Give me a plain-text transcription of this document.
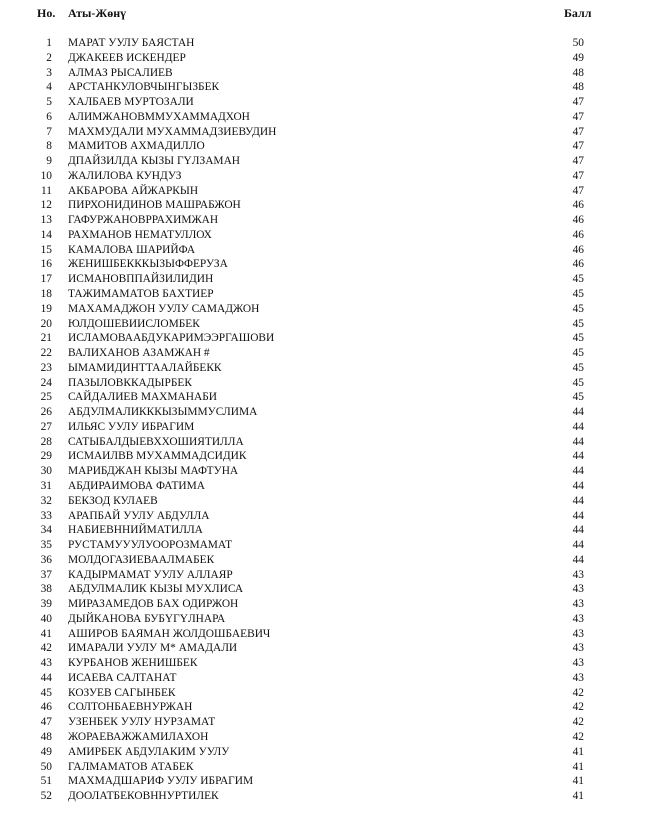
Но. Аты-Жөнү	Балл
1 МАРАТ УУЛУ БАЯСТАН	50
2 ДЖАКЕЕВ ИСКЕНДЕР	49
3 АЛМАЗ РЫСАЛИЕВ	48
4 АРСТАНКУЛОВЧЫНГЫЗБЕК	48
5 ХАЛБАЕВ МУРТОЗАЛИ	47
6 АЛИМЖАНОВММУХАММАДХОН	47
7 МАХМУДАЛИ МУХАММАДЗИЕВУДИН	47
8 МАМИТОВ АХМАДИЛЛО	47
9 ДПАЙЗИЛДА КЫЗЫ ГҮЛЗАМАН	47
10 ЖАЛИЛОВА КУНДУЗ	47
11 АКБАРОВА АЙЖАРКЫН	47
12 ПИРХОНИДИНОВ МАШРАБЖОН	46
13 ГАФУРЖАНОВРРАХИМЖАН	46
14 РАХМАНОВ НЕМАТУЛЛОХ	46
15 КАМАЛОВА ШАРИЙФА	46
16 ЖЕНИШБЕКККЫЗЫФФЕРУЗА	46
17 ИСМАНОВППАЙЗИЛИДИН	45
18 ТАЖИМАМАТОВ БАХТИЕР	45
19 МАХАМАДЖОН УУЛУ САМАДЖОН	45
20 ЮЛДОШЕВИИСЛОМБЕК	45
21 ИСЛАМОВААБДУКАРИМЭЭРГАШОВИ	45
22 ВАЛИХАНОВ АЗАМЖАН #	45
23 ЫМАМИДИНТТААЛАЙБЕКК	45
24 ПАЗЫЛОВККАДЫРБЕК	45
25 САЙДАЛИЕВ МАХМАНАБИ	45
26 АБДУЛМАЛИКККЫЗЫММУСЛИМА	44
27 ИЛЬЯС УУЛУ ИБРАГИМ	44
28 САТЫБАЛДЫЕВХХОШИЯТИЛЛА	44
29 ИСМАИЛВВ МУХАММАДСИДИК	44
30 МАРИБДЖАН КЫЗЫ МАФТУНА	44
31 АБДИРАИМОВА ФАТИМА	44
32 БЕКЗОД КУЛАЕВ	44
33 АРАПБАЙ УУЛУ АБДУЛЛА	44
34 НАБИЕВННИЙМАТИЛЛА	44
35 РУСТАМУУУЛУООРОЗМАМАТ	44
36 МОЛДОГАЗИЕВААЛМАБЕК	44
37 КАДЫРМАМАТ УУЛУ АЛЛАЯР	43
38 АБДУЛМАЛИК КЫЗЫ МУХЛИСА	43
39 МИРАЗАМЕДОВ БАХ ОДИРЖОН	43
40 ДЫЙКАНОВА БУБҮГҮЛНАРА	43
41 АШИРОВ БАЯМАН ЖОЛДОШБАЕВИЧ	43
42 ИМАРАЛИ УУЛУ М* АМАДАЛИ	43
43 КУРБАНОВ ЖЕНИШБЕК	43
44 ИСАЕВА САЛТАНАТ	43
45 КОЗУЕВ САГЫНБЕК	42
46 СОЛТОНБАЕВНУРЖАН	42
47 УЗЕНБЕК УУЛУ НУРЗАМАТ	42
48 ЖОРАЕВАЖЖАМИЛАХОН	42
49 АМИРБЕК АБДУЛАКИМ УУЛУ	41
50 ГАЛМАМАТОВ АТАБЕК	41
51 МАХМАДШАРИФ УУЛУ ИБРАГИМ	41
52 ДООЛАТБЕКОВННУРТИЛЕК	41
